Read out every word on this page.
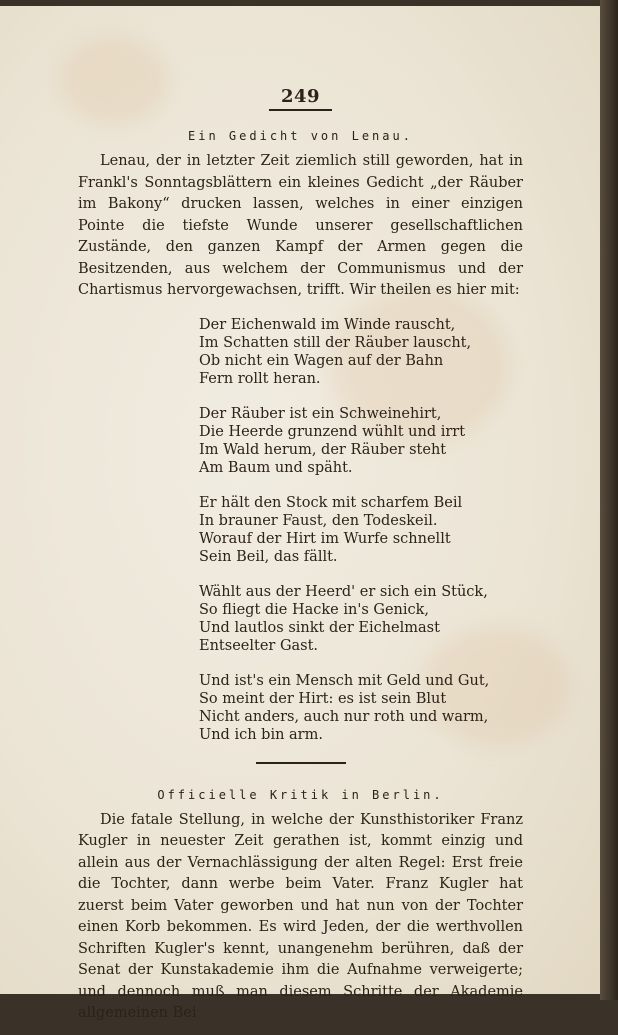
249
Ein Gedicht von Lenau.

Lenau, der in letzter Zeit ziemlich still geworden, hat in Frankl's Sonntagsblättern ein kleines Gedicht „der Räuber im Bakony“ drucken lassen, welches in einer einzigen Pointe die tiefste Wunde unserer gesellschaftlichen Zustände, den ganzen Kampf der Armen gegen die Besitzenden, aus welchem der Communismus und der Chartismus hervorgewachsen, trifft. Wir theilen es hier mit:

Der Eichenwald im Winde rauscht,
Im Schatten still der Räuber lauscht,
Ob nicht ein Wagen auf der Bahn
Fern rollt heran.
Der Räuber ist ein Schweinehirt,
Die Heerde grunzend wühlt und irrt
Im Wald herum, der Räuber steht
Am Baum und späht.
Er hält den Stock mit scharfem Beil
In brauner Faust, den Todeskeil.
Worauf der Hirt im Wurfe schnellt
Sein Beil, das fällt.
Wählt aus der Heerd' er sich ein Stück,
So fliegt die Hacke in's Genick,
Und lautlos sinkt der Eichelmast
Entseelter Gast.
Und ist's ein Mensch mit Geld und Gut,
So meint der Hirt: es ist sein Blut
Nicht anders, auch nur roth und warm,
Und ich bin arm.
Officielle Kritik in Berlin.

Die fatale Stellung, in welche der Kunsthistoriker Franz Kugler in neuester Zeit gerathen ist, kommt einzig und allein aus der Vernachlässigung der alten Regel: Erst freie die Tochter, dann werbe beim Vater. Franz Kugler hat zuerst beim Vater geworben und hat nun von der Tochter einen Korb bekommen. Es wird Jeden, der die werthvollen Schriften Kugler's kennt, unangenehm berühren, daß der Senat der Kunstakademie ihm die Aufnahme verweigerte; und dennoch muß man diesem Schritte der Akademie allgemeinen Bei
